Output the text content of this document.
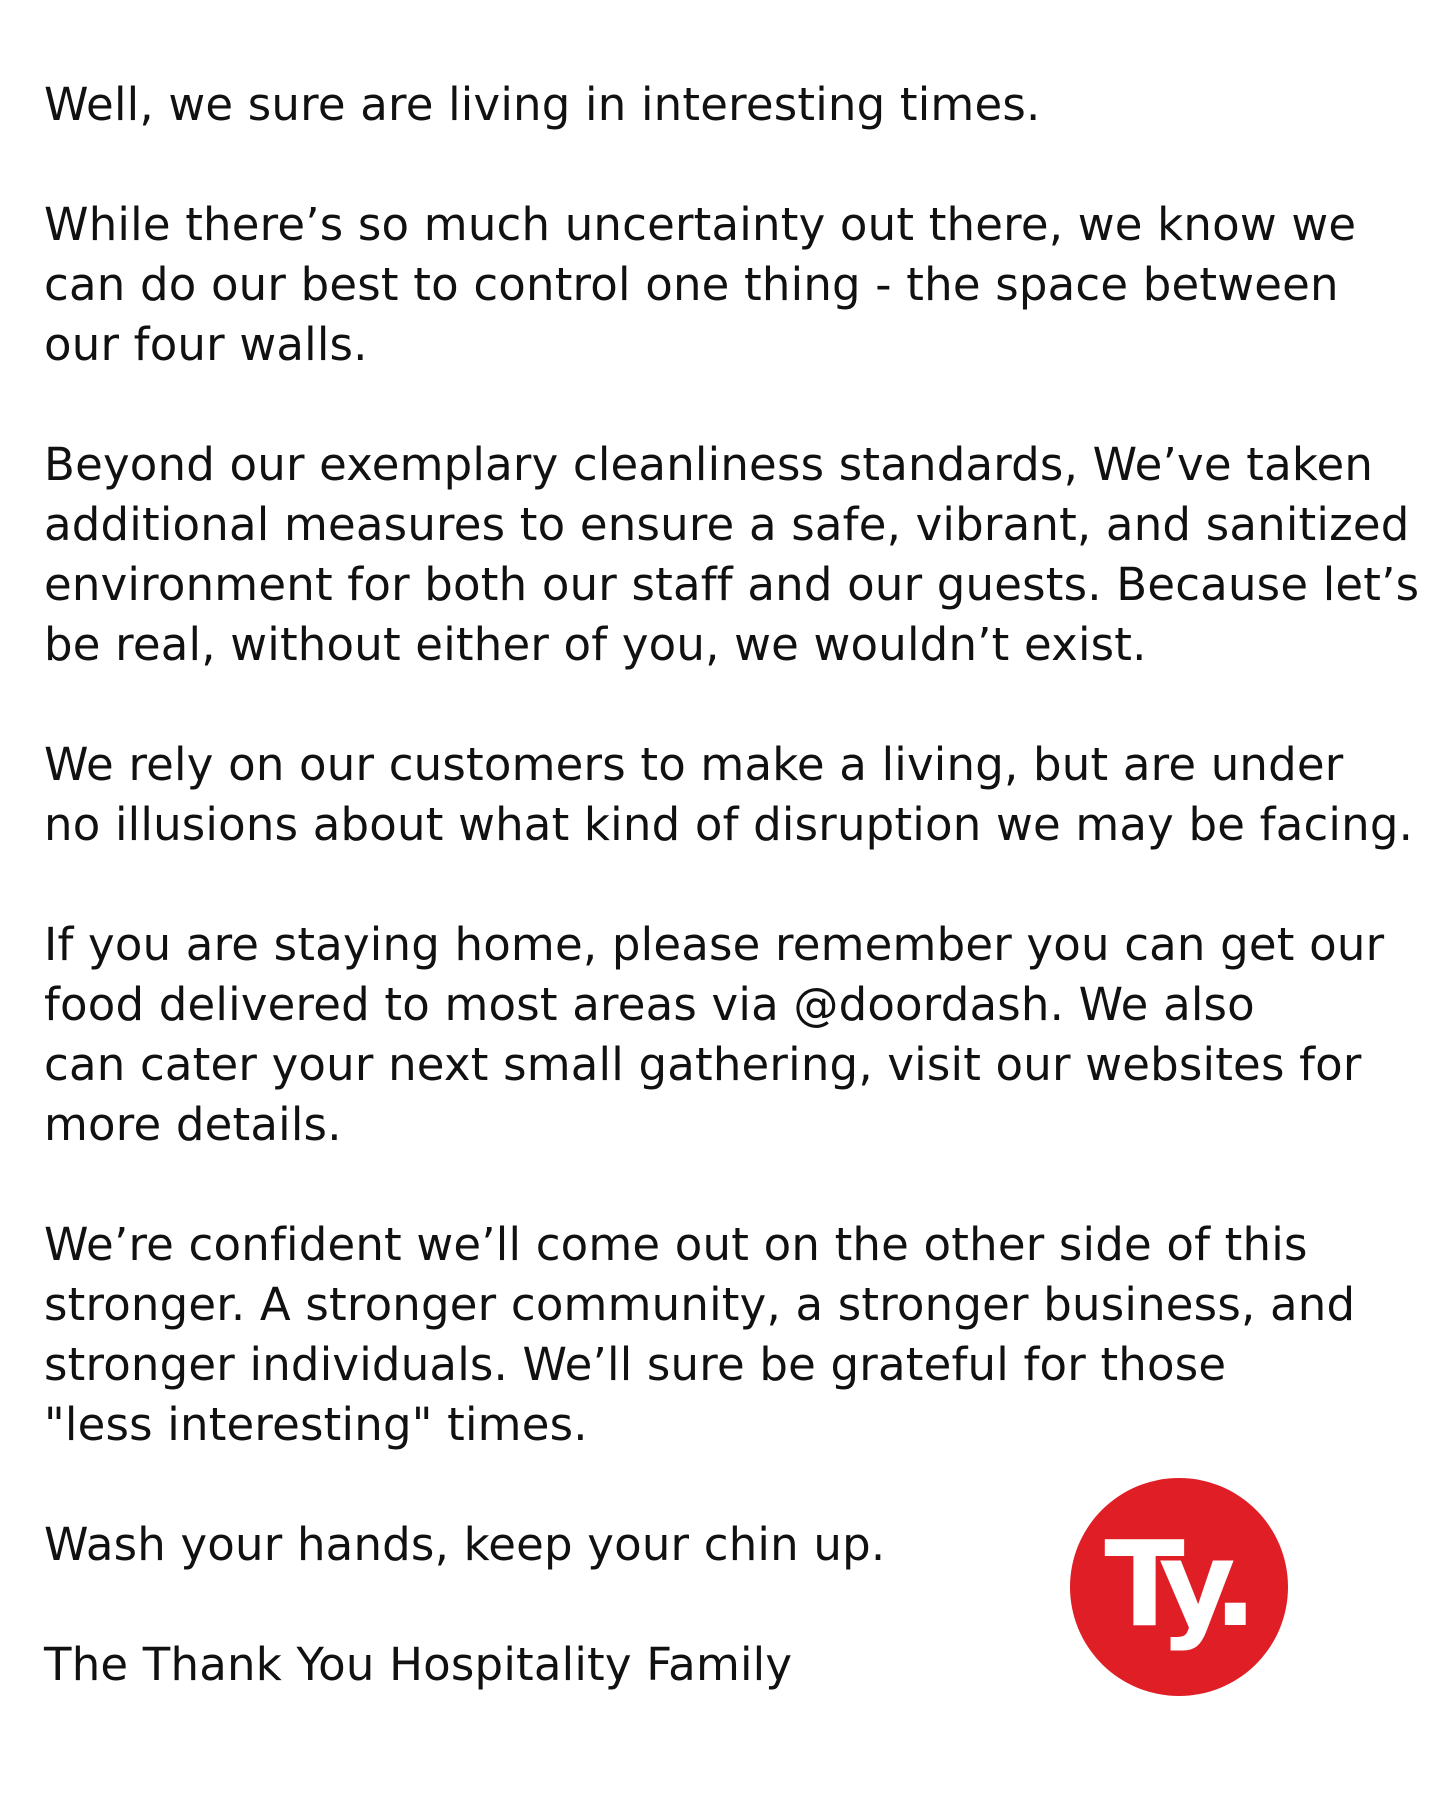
Well, we sure are living in interesting times.

While there’s so much uncertainty out there, we know we
can do our best to control one thing - the space between
our four walls.

Beyond our exemplary cleanliness standards, We’ve taken
additional measures to ensure a safe, vibrant, and sanitized
environment for both our staff and our guests. Because let’s
be real, without either of you, we wouldn’t exist.

We rely on our customers to make a living, but are under
no illusions about what kind of disruption we may be facing.

If you are staying home, please remember you can get our
food delivered to most areas via @doordash. We also
can cater your next small gathering, visit our websites for
more details.

We’re confident we’ll come out on the other side of this
stronger. A stronger community, a stronger business, and
stronger individuals. We’ll sure be grateful for those
"less interesting" times.

Wash your hands, keep your chin up.

The Thank You Hospitality Family

Ty.
